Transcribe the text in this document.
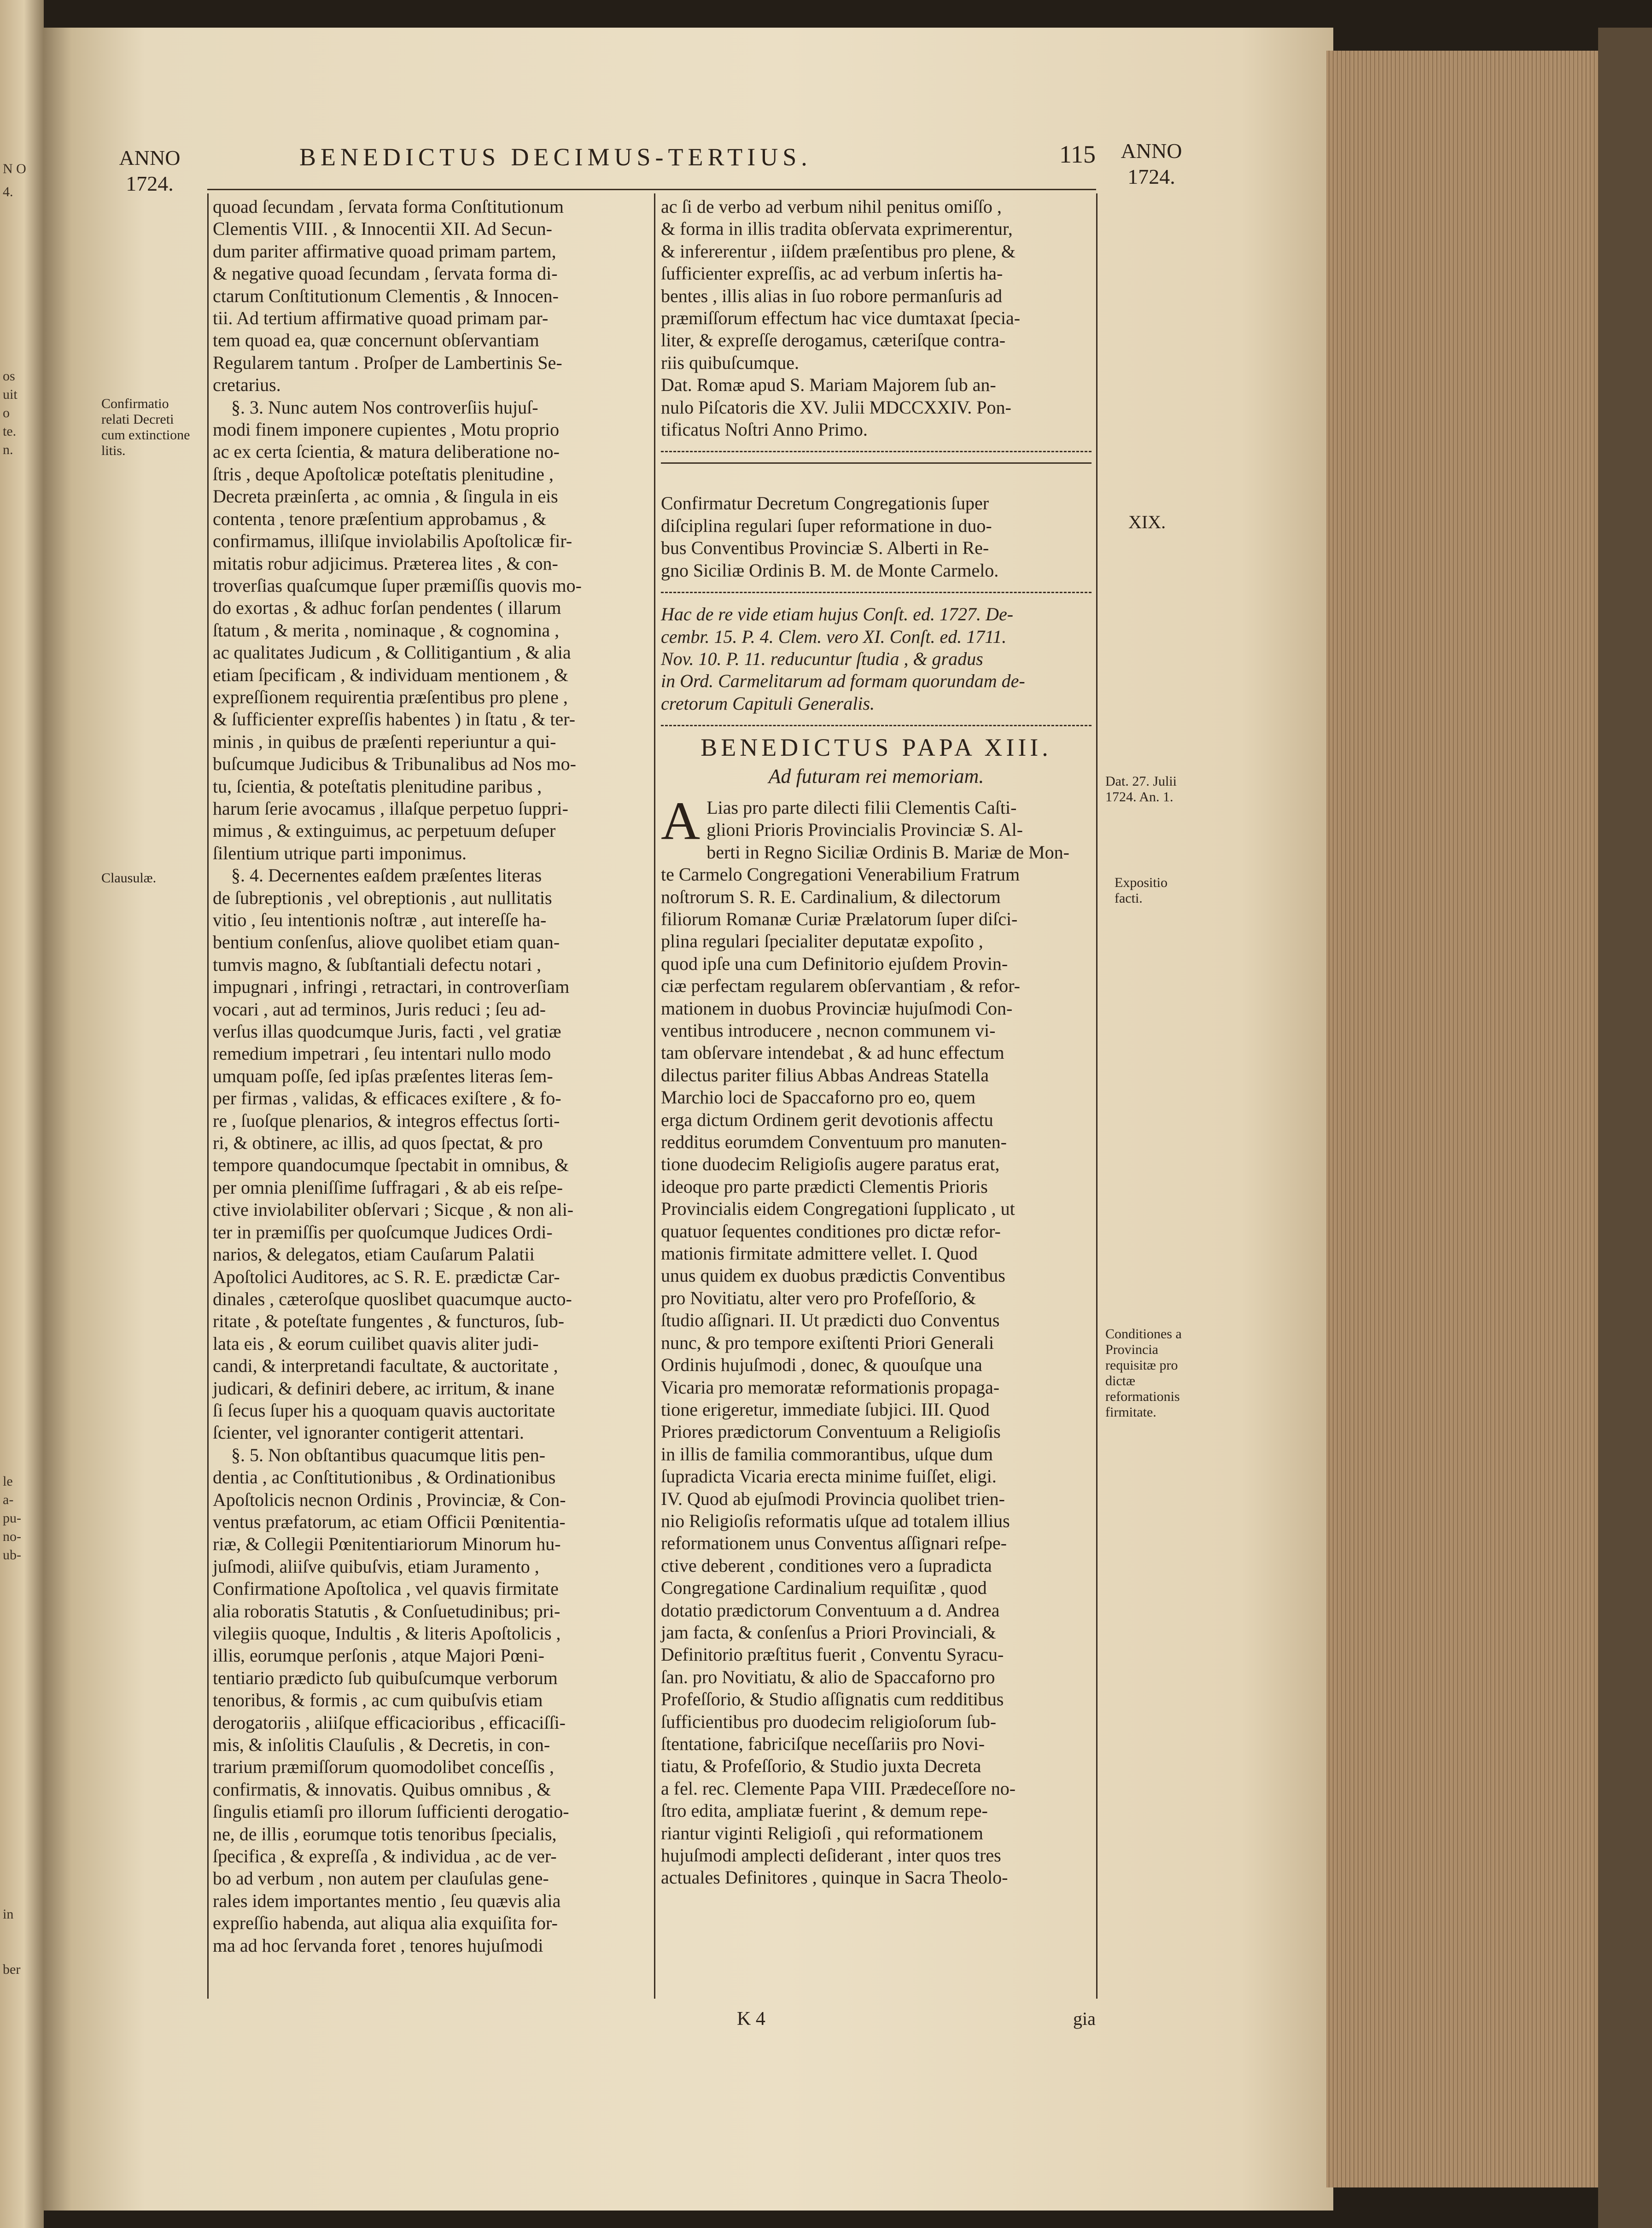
N O
4.
os
uit
o
te.
n.
le
a-
pu-
no-
ub-
in
ber
ANNO
1724.
BENEDICTUS DECIMUS-TERTIUS.	115	ANNO
1724.
Confirmatio relati Decreti cum extinctione litis.
Clausulæ.
XIX.
Dat. 27. Julii 1724. An. 1.
Expositio facti.
Conditiones a Provincia requisitæ pro dictæ reformationis firmitate.
quoad ſecundam , ſervata forma Conſtitutionum
Clementis VIII. , & Innocentii XII. Ad Secun-
dum pariter affirmative quoad primam partem,
& negative quoad ſecundam , ſervata forma di-
ctarum Conſtitutionum Clementis , & Innocen-
tii. Ad tertium affirmative quoad primam par-
tem quoad ea, quæ concernunt obſervantiam
Regularem tantum . Proſper de Lambertinis Se-
cretarius.
§. 3. Nunc autem Nos controverſiis hujuſ-
modi finem imponere cupientes , Motu proprio
ac ex certa ſcientia, & matura deliberatione no-
ſtris , deque Apoſtolicæ poteſtatis plenitudine ,
Decreta præinſerta , ac omnia , & ſingula in eis
contenta , tenore præſentium approbamus , &
confirmamus, illiſque inviolabilis Apoſtolicæ fir-
mitatis robur adjicimus. Præterea lites , & con-
troverſias quaſcumque ſuper præmiſſis quovis mo-
do exortas , & adhuc forſan pendentes ( illarum
ſtatum , & merita , nominaque , & cognomina ,
ac qualitates Judicum , & Collitigantium , & alia
etiam ſpecificam , & individuam mentionem , &
expreſſionem requirentia præſentibus pro plene ,
& ſufficienter expreſſis habentes ) in ſtatu , & ter-
minis , in quibus de præſenti reperiuntur a qui-
buſcumque Judicibus & Tribunalibus ad Nos mo-
tu, ſcientia, & poteſtatis plenitudine paribus ,
harum ſerie avocamus , illaſque perpetuo ſuppri-
mimus , & extinguimus, ac perpetuum deſuper
ſilentium utrique parti imponimus.
§. 4. Decernentes eaſdem præſentes literas
de ſubreptionis , vel obreptionis , aut nullitatis
vitio , ſeu intentionis noſtræ , aut intereſſe ha-
bentium conſenſus, aliove quolibet etiam quan-
tumvis magno, & ſubſtantiali defectu notari ,
impugnari , infringi , retractari, in controverſiam
vocari , aut ad terminos, Juris reduci ; ſeu ad-
verſus illas quodcumque Juris, facti , vel gratiæ
remedium impetrari , ſeu intentari nullo modo
umquam poſſe, ſed ipſas præſentes literas ſem-
per firmas , validas, & efficaces exiſtere , & fo-
re , ſuoſque plenarios, & integros effectus ſorti-
ri, & obtinere, ac illis, ad quos ſpectat, & pro
tempore quandocumque ſpectabit in omnibus, &
per omnia pleniſſime ſuffragari , & ab eis reſpe-
ctive inviolabiliter obſervari ; Sicque , & non ali-
ter in præmiſſis per quoſcumque Judices Ordi-
narios, & delegatos, etiam Cauſarum Palatii
Apoſtolici Auditores, ac S. R. E. prædictæ Car-
dinales , cæteroſque quoslibet quacumque aucto-
ritate , & poteſtate fungentes , & functuros, ſub-
lata eis , & eorum cuilibet quavis aliter judi-
candi, & interpretandi facultate, & auctoritate ,
judicari, & definiri debere, ac irritum, & inane
ſi ſecus ſuper his a quoquam quavis auctoritate
ſcienter, vel ignoranter contigerit attentari.
§. 5. Non obſtantibus quacumque litis pen-
dentia , ac Conſtitutionibus , & Ordinationibus
Apoſtolicis necnon Ordinis , Provinciæ, & Con-
ventus præfatorum, ac etiam Officii Pœnitentia-
riæ, & Collegii Pœnitentiariorum Minorum hu-
juſmodi, aliiſve quibuſvis, etiam Juramento ,
Confirmatione Apoſtolica , vel quavis firmitate
alia roboratis Statutis , & Conſuetudinibus; pri-
vilegiis quoque, Indultis , & literis Apoſtolicis ,
illis, eorumque perſonis , atque Majori Pœni-
tentiario prædicto ſub quibuſcumque verborum
tenoribus, & formis , ac cum quibuſvis etiam
derogatoriis , aliiſque efficacioribus , efficaciſſi-
mis, & inſolitis Clauſulis , & Decretis, in con-
trarium præmiſſorum quomodolibet conceſſis ,
confirmatis, & innovatis. Quibus omnibus , &
ſingulis etiamſi pro illorum ſufficienti derogatio-
ne, de illis , eorumque totis tenoribus ſpecialis,
ſpecifica , & expreſſa , & individua , ac de ver-
bo ad verbum , non autem per clauſulas gene-
rales idem importantes mentio , ſeu quævis alia
expreſſio habenda, aut aliqua alia exquiſita for-
ma ad hoc ſervanda foret , tenores hujuſmodi
ac ſi de verbo ad verbum nihil penitus omiſſo ,
& forma in illis tradita obſervata exprimerentur,
& infererentur , iiſdem præſentibus pro plene, &
ſufficienter expreſſis, ac ad verbum inſertis ha-
bentes , illis alias in ſuo robore permanſuris ad
præmiſſorum effectum hac vice dumtaxat ſpecia-
liter, & expreſſe derogamus, cæteriſque contra-
riis quibuſcumque.
Dat. Romæ apud S. Mariam Majorem ſub an-
nulo Piſcatoris die XV. Julii MDCCXXIV. Pon-
tificatus Noſtri Anno Primo.
Confirmatur Decretum Congregationis ſuper
diſciplina regulari ſuper reformatione in duo-
bus Conventibus Provinciæ S. Alberti in Re-
gno Siciliæ Ordinis B. M. de Monte Carmelo.
Hac de re vide etiam hujus Conſt. ed. 1727. De-
cembr. 15. P. 4. Clem. vero XI. Conſt. ed. 1711.
Nov. 10. P. 11. reducuntur ſtudia , & gradus
in Ord. Carmelitarum ad formam quorundam de-
cretorum Capituli Generalis.

BENEDICTUS PAPA XIII.

Ad futuram rei memoriam.

A Lias pro parte dilecti filii Clementis Caſti-
glioni Prioris Provincialis Provinciæ S. Al-
berti in Regno Siciliæ Ordinis B. Mariæ de Mon-
te Carmelo Congregationi Venerabilium Fratrum
noſtrorum S. R. E. Cardinalium, & dilectorum
filiorum Romanæ Curiæ Prælatorum ſuper diſci-
plina regulari ſpecialiter deputatæ expoſito ,
quod ipſe una cum Definitorio ejuſdem Provin-
ciæ perfectam regularem obſervantiam , & refor-
mationem in duobus Provinciæ hujuſmodi Con-
ventibus introducere , necnon communem vi-
tam obſervare intendebat , & ad hunc effectum
dilectus pariter filius Abbas Andreas Statella
Marchio loci de Spaccaforno pro eo, quem
erga dictum Ordinem gerit devotionis affectu
redditus eorumdem Conventuum pro manuten-
tione duodecim Religioſis augere paratus erat,
ideoque pro parte prædicti Clementis Prioris
Provincialis eidem Congregationi ſupplicato , ut
quatuor ſequentes conditiones pro dictæ refor-
mationis firmitate admittere vellet. I. Quod
unus quidem ex duobus prædictis Conventibus
pro Novitiatu, alter vero pro Profeſſorio, &
ſtudio aſſignari. II. Ut prædicti duo Conventus
nunc, & pro tempore exiſtenti Priori Generali
Ordinis hujuſmodi , donec, & quouſque una
Vicaria pro memoratæ reformationis propaga-
tione erigeretur, immediate ſubjici. III. Quod
Priores prædictorum Conventuum a Religioſis
in illis de familia commorantibus, uſque dum
ſupradicta Vicaria erecta minime fuiſſet, eligi.
IV. Quod ab ejuſmodi Provincia quolibet trien-
nio Religioſis reformatis uſque ad totalem illius
reformationem unus Conventus aſſignari reſpe-
ctive deberent , conditiones vero a ſupradicta
Congregatione Cardinalium requiſitæ , quod
dotatio prædictorum Conventuum a d. Andrea
jam facta, & conſenſus a Priori Provinciali, &
Definitorio præſtitus fuerit , Conventu Syracu-
ſan. pro Novitiatu, & alio de Spaccaforno pro
Profeſſorio, & Studio aſſignatis cum redditibus
ſufficientibus pro duodecim religioſorum ſub-
ſtentatione, fabriciſque neceſſariis pro Novi-
tiatu, & Profeſſorio, & Studio juxta Decreta
a fel. rec. Clemente Papa VIII. Prædeceſſore no-
ſtro edita, ampliatæ fuerint , & demum repe-
riantur viginti Religioſi , qui reformationem
hujuſmodi amplecti deſiderant , inter quos tres
actuales Definitores , quinque in Sacra Theolo-
K 4	gia
